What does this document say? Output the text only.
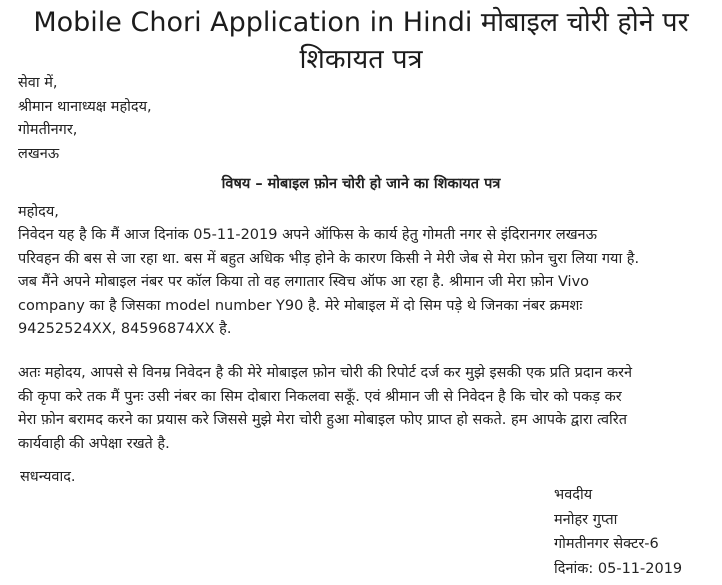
Mobile Chori Application in Hindi मोबाइल चोरी होने पर
शिकायत पत्र
सेवा में,
श्रीमान थानाध्यक्ष महोदय,
गोमतीनगर,
लखनऊ
विषय – मोबाइल फ़ोन चोरी हो जाने का शिकायत पत्र
महोदय,
निवेदन यह है कि मैं आज दिनांक 05-11-2019 अपने ऑफिस के कार्य हेतु गोमती नगर से इंदिरानगर लखनऊ
परिवहन की बस से जा रहा था. बस में बहुत अधिक भीड़ होने के कारण किसी ने मेरी जेब से मेरा फ़ोन चुरा लिया गया है.
जब मैंने अपने मोबाइल नंबर पर कॉल किया तो वह लगातार स्विच ऑफ आ रहा है. श्रीमान जी मेरा फ़ोन Vivo
company का है जिसका model number Y90 है. मेरे मोबाइल में दो सिम पड़े थे जिनका नंबर क्रमशः
94252524XX, 84596874XX है.
अतः महोदय, आपसे से विनम्र निवेदन है की मेरे मोबाइल फ़ोन चोरी की रिपोर्ट दर्ज कर मुझे इसकी एक प्रति प्रदान करने
की कृपा करे तक मैं पुनः उसी नंबर का सिम दोबारा निकलवा सकूँ. एवं श्रीमान जी से निवेदन है कि चोर को पकड़ कर
मेरा फ़ोन बरामद करने का प्रयास करे जिससे मुझे मेरा चोरी हुआ मोबाइल फोए प्राप्त हो सकते. हम आपके द्वारा त्वरित
कार्यवाही की अपेक्षा रखते है.
सधन्यवाद.
भवदीय
मनोहर गुप्ता
गोमतीनगर सेक्टर-6
दिनांक: 05-11-2019
